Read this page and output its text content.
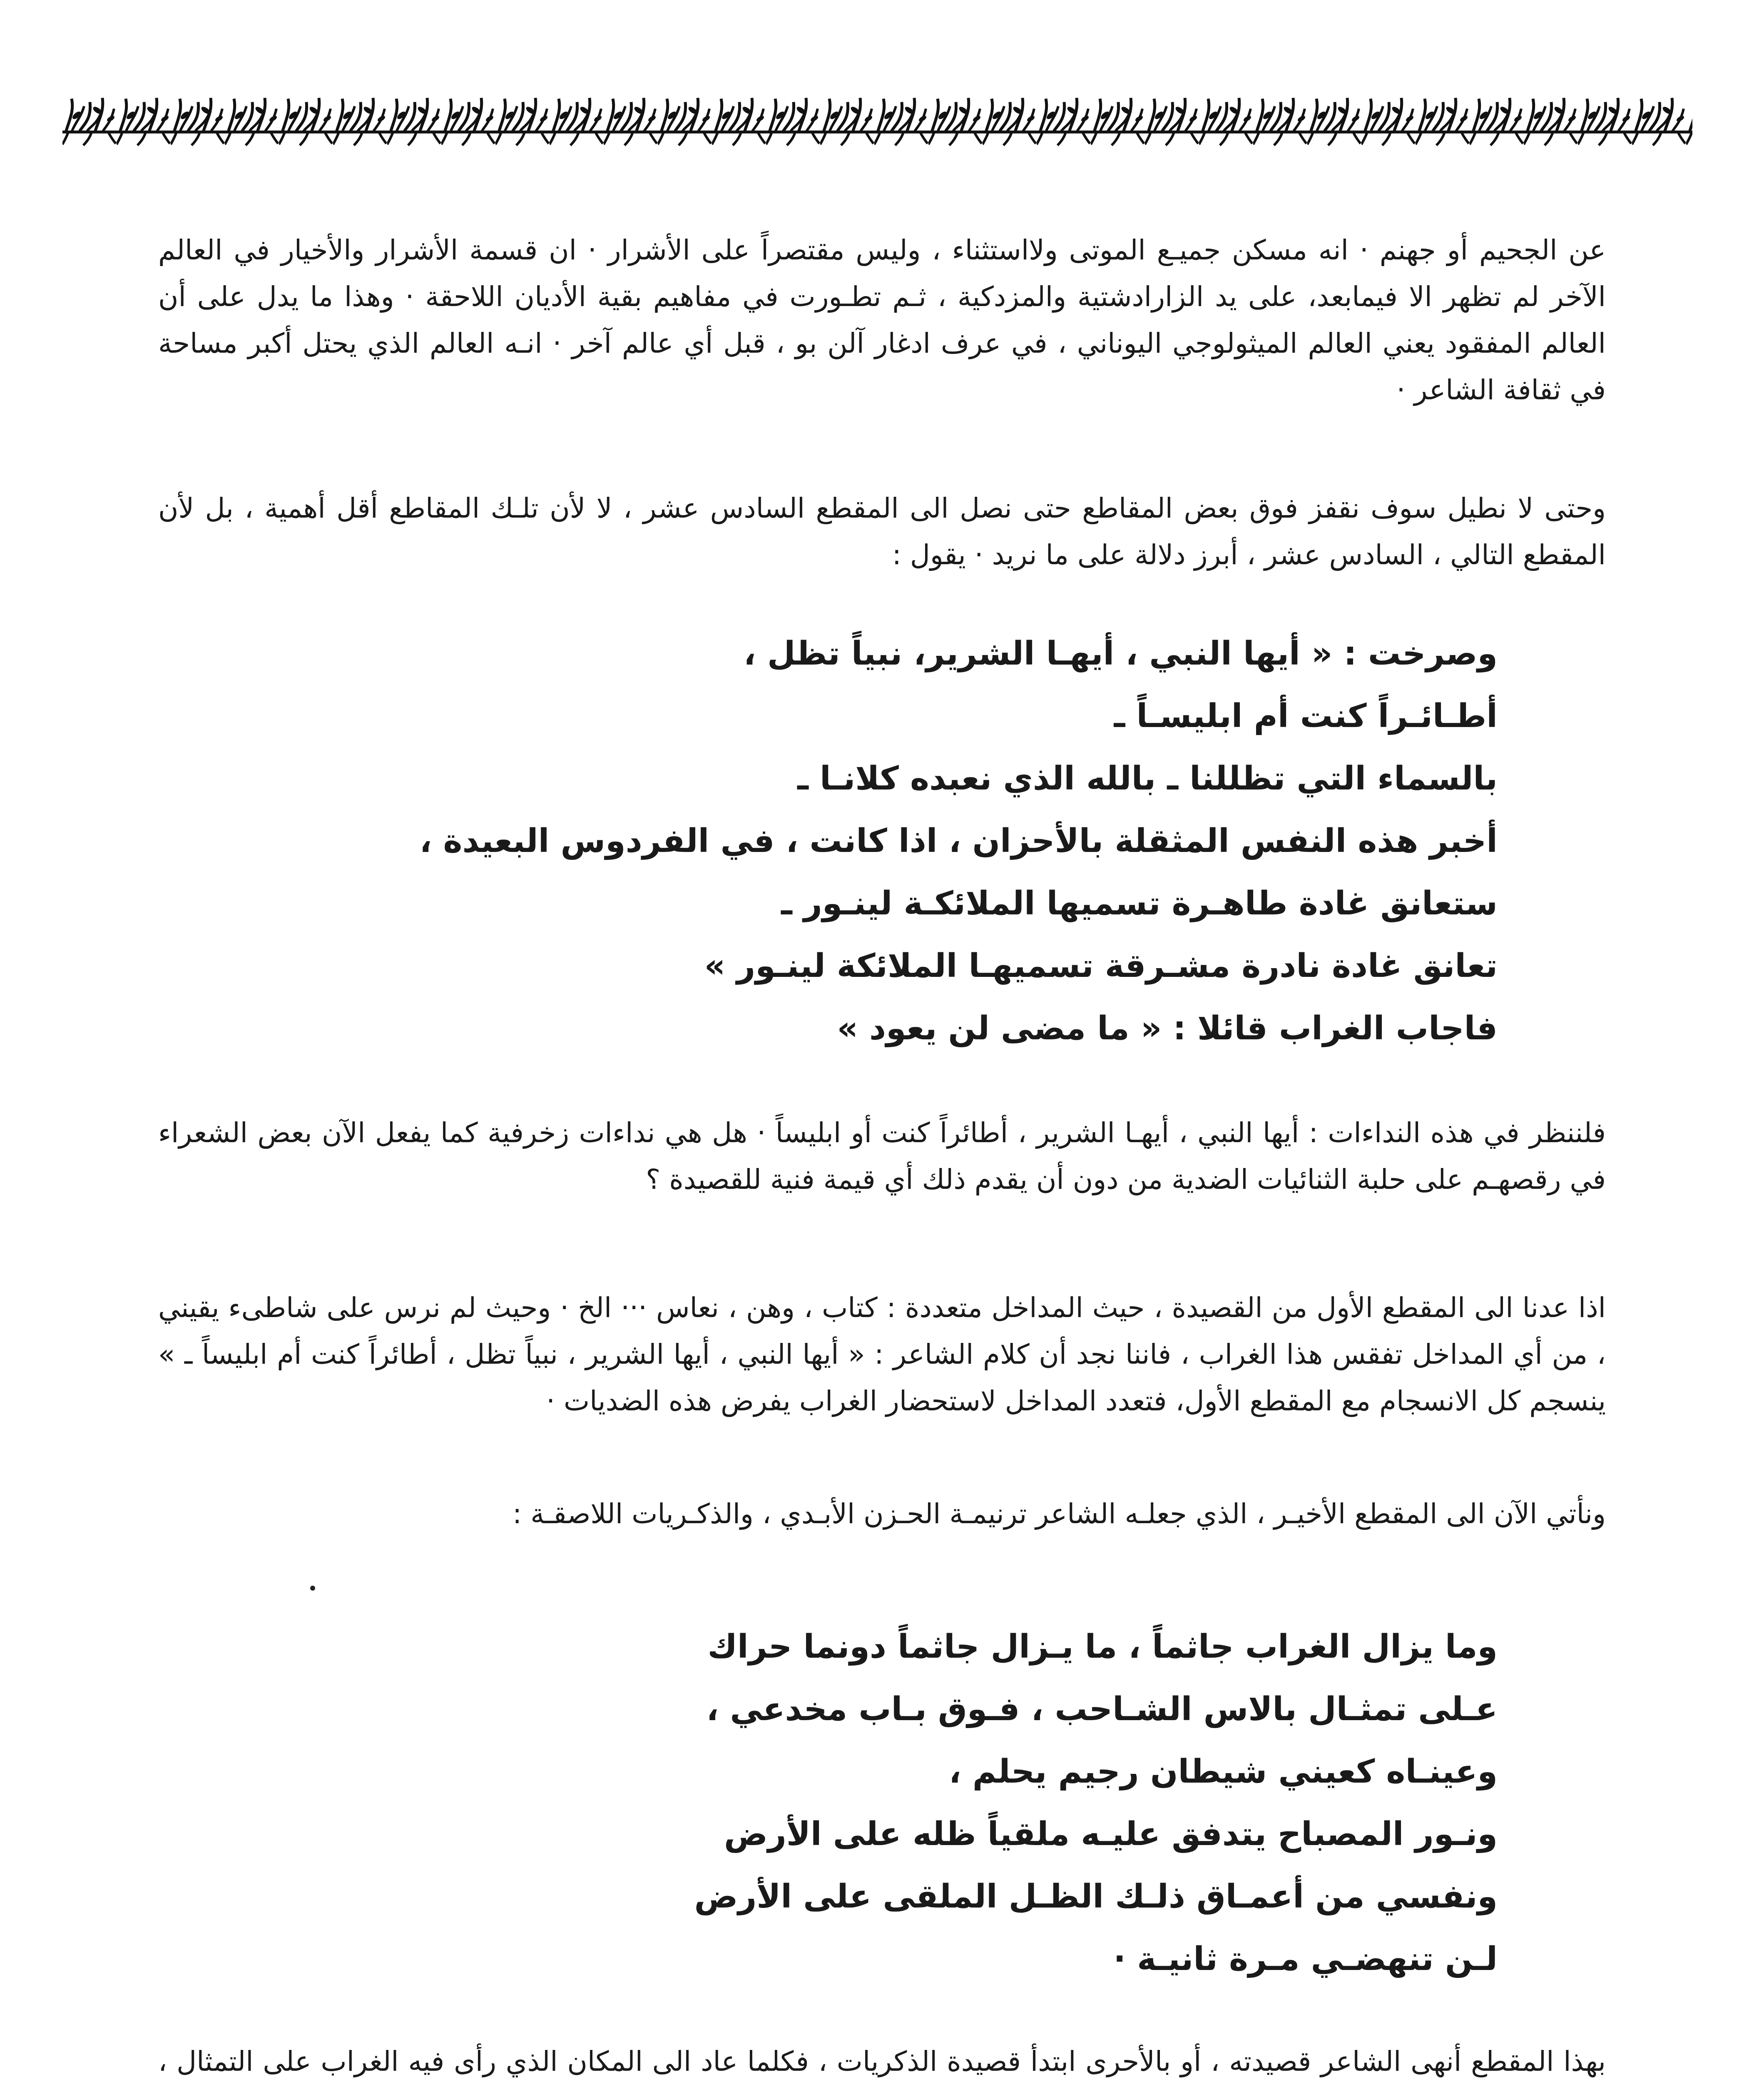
عن الجحيم أو جهنم · انه مسكن جميـع الموتى ولااستثناء ، وليس مقتصراً على الأشرار · ان قسمة الأشرار والأخيار في العالم الآخر لم تظهر الا فيمابعد، على يد الزارادشتية والمزدكية ، ثـم تطـورت في مفاهيم بقية الأديان اللاحقة · وهذا ما يدل على أن العالم المفقود يعني العالم الميثولوجي اليوناني ، في عرف ادغار آلن بو ، قبل أي عالم آخر · انـه العالم الذي يحتل أكبر مساحة في ثقافة الشاعر ·

وحتى لا نطيل سوف نقفز فوق بعض المقاطع حتى نصل الى المقطع السادس عشر ، لا لأن تلـك المقاطع أقل أهمية ، بل لأن المقطع التالي ، السادس عشر ، أبرز دلالة على ما نريد · يقول :

وصرخت : « أيها النبي ، أيهـا الشرير، نبياً تظل ،
أطـائـراً كنت أم ابليسـاً ـ
بالسماء التي تظللنا ـ بالله الذي نعبده كلانـا ـ
أخبر هذه النفس المثقلة بالأحزان ، اذا كانت ، في الفردوس البعيدة ،
ستعانق غادة طاهـرة تسميها الملائكـة لينـور ـ
تعانق غادة نادرة مشـرقة تسميهـا الملائكة لينـور »
فاجاب الغراب قائلا : « ما مضى لن يعود »

فلننظر في هذه النداءات : أيها النبي ، أيهـا الشرير ، أطائراً كنت أو ابليساً · هل هي نداءات زخرفية كما يفعل الآن بعض الشعراء في رقصهـم على حلبة الثنائيات الضدية من دون أن يقدم ذلك أي قيمة فنية للقصيدة ؟

اذا عدنا الى المقطع الأول من القصيدة ، حيث المداخل متعددة : كتاب ، وهن ، نعاس ··· الخ · وحيث لم نرس على شاطىء يقيني ، من أي المداخل تفقس هذا الغراب ، فاننا نجد أن كلام الشاعر : « أيها النبي ، أيها الشرير ، نبياً تظل ، أطائراً كنت أم ابليساً ـ » ينسجم كل الانسجام مع المقطع الأول، فتعدد المداخل لاستحضار الغراب يفرض هذه الضديات ·

ونأتي الآن الى المقطع الأخيـر ، الذي جعلـه الشاعر ترنيمـة الحـزن الأبـدي ، والذكـريات اللاصقـة :

وما يزال الغراب جاثماً ، ما يـزال جاثماً دونما حراك
عـلى تمثـال بالاس الشـاحب ، فـوق بـاب مخدعي ،
وعينـاه كعيني شيطان رجيم يحلم ،
ونـور المصباح يتدفق عليـه ملقياً ظله على الأرض
ونفسي من أعمـاق ذلـك الظـل الملقى على الأرض
لـن تنهضـي مـرة ثانيـة ·

بهذا المقطع أنهى الشاعر قصيدته ، أو بالأحرى ابتدأ قصيدة الذكريات ، فكلما عاد الى المكان الذي رأى فيه الغراب على التمثال ،
